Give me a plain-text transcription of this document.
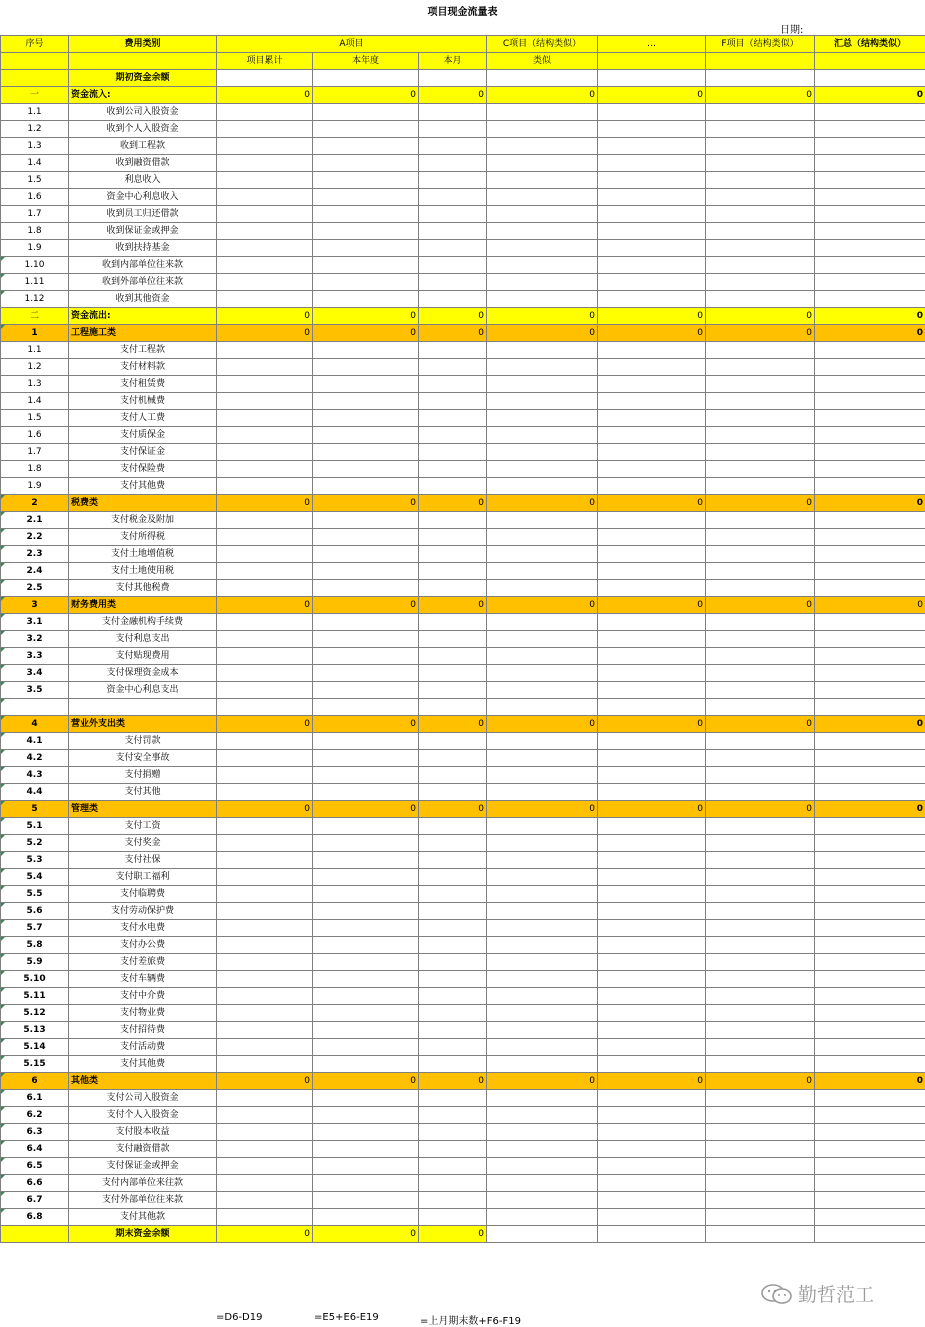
项目现金流量表
日期:
序号	费用类别	A项目			C项目（结构类似）	…	F项目（结构类似）	汇总（结构类似）
		项目累计	本年度	本月	类似			
	期初资金余额							
一	资金流入:	0	0	0	0	0	0	0
1.1	收到公司入股资金							
1.2	收到个人入股资金							
1.3	收到工程款							
1.4	收到融资借款							
1.5	利息收入							
1.6	资金中心利息收入							
1.7	收到员工归还借款							
1.8	收到保证金或押金							
1.9	收到扶持基金							
1.10	收到内部单位往来款							
1.11	收到外部单位往来款							
1.12	收到其他资金							
二	资金流出:	0	0	0	0	0	0	0
1	工程施工类	0	0	0	0	0	0	0
1.1	支付工程款							
1.2	支付材料款							
1.3	支付租赁费							
1.4	支付机械费							
1.5	支付人工费							
1.6	支付质保金							
1.7	支付保证金							
1.8	支付保险费							
1.9	支付其他费							
2	税费类	0	0	0	0	0	0	0
2.1	支付税金及附加							
2.2	支付所得税							
2.3	支付土地增值税							
2.4	支付土地使用税							
2.5	支付其他税费							
3	财务费用类	0	0	0	0	0	0	0
3.1	支付金融机构手续费							
3.2	支付利息支出							
3.3	支付贴现费用							
3.4	支付保理资金成本							
3.5	资金中心利息支出							

4	营业外支出类	0	0	0	0	0	0	0
4.1	支付罚款							
4.2	支付安全事故							
4.3	支付捐赠							
4.4	支付其他							
5	管理类	0	0	0	0	0	0	0
5.1	支付工资							
5.2	支付奖金							
5.3	支付社保							
5.4	支付职工福利							
5.5	支付临聘费							
5.6	支付劳动保护费							
5.7	支付水电费							
5.8	支付办公费							
5.9	支付差旅费							
5.10	支付车辆费							
5.11	支付中介费							
5.12	支付物业费							
5.13	支付招待费							
5.14	支付活动费							
5.15	支付其他费							
6	其他类	0	0	0	0	0	0	0
6.1	支付公司入股资金							
6.2	支付个人入股资金							
6.3	支付股本收益							
6.4	支付融资借款							
6.5	支付保证金或押金							
6.6	支付内部单位来往款							
6.7	支付外部单位往来款							
6.8	支付其他款							
	期末资金余额	0	0	0				
=D6-D19	=E5+E6-E19	=上月期末数+F6-F19
勤哲范工
